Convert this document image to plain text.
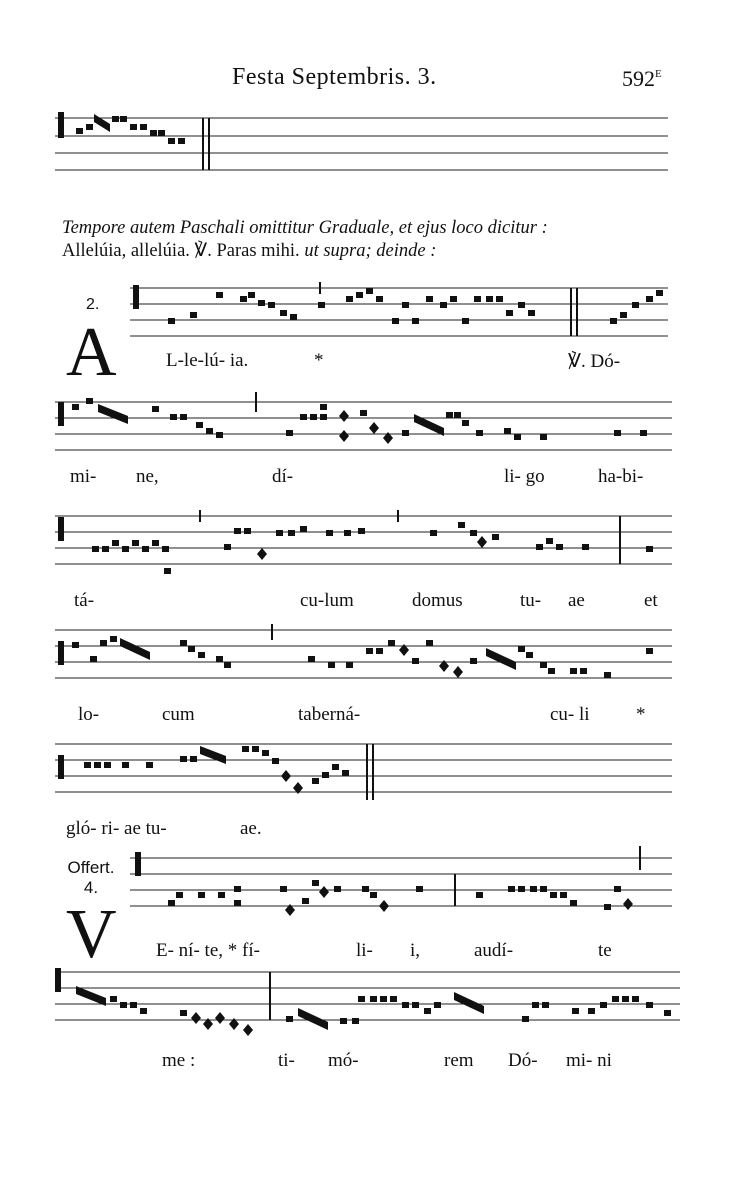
Festa Septembris. 3.	$592^E$
Tempore autem Paschali omittitur Graduale, et ejus loco dicitur :
Allelúia, allelúia. ℣. Paras mihi. ut supra; deinde :
2.
A	L-le-lú- ia.	*	℣. Dó-
mi- ne,	dí-	li- go	ha-bi-
tá-	cu-lum	domus	tu- ae	et
lo-	cum	taberná-	cu- li *
gló- ri- ae tu-	ae.
Offert.
4.
V E- ní- te, * fí-	li- i,	audí-	te
me :	ti- mó-	rem Dó- mi- ni
